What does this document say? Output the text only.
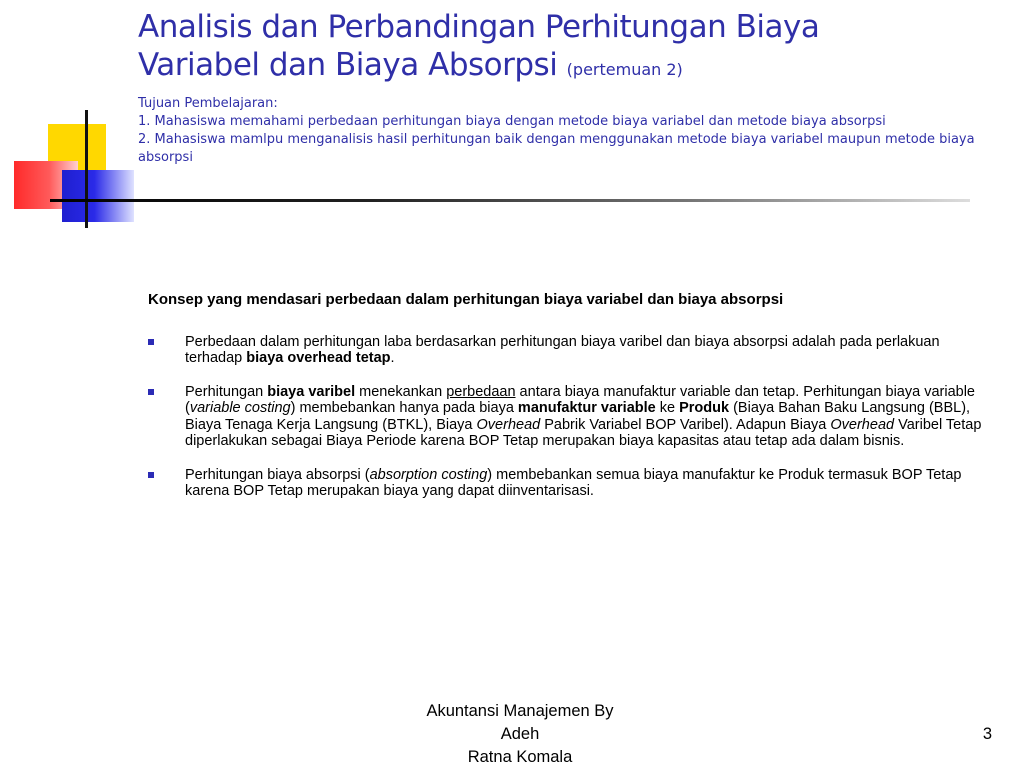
Analisis dan Perbandingan Perhitungan Biaya
Variabel dan Biaya Absorpsi (pertemuan 2)
Tujuan Pembelajaran:
1. Mahasiswa memahami perbedaan perhitungan biaya dengan metode biaya variabel dan metode biaya absorpsi
2. Mahasiswa mamlpu menganalisis hasil perhitungan baik dengan menggunakan metode biaya variabel maupun metode biaya absorpsi
Konsep yang mendasari perbedaan dalam perhitungan biaya variabel dan biaya absorpsi
Perbedaan dalam perhitungan laba berdasarkan perhitungan biaya varibel dan biaya absorpsi adalah pada perlakuan terhadap biaya overhead tetap.
Perhitungan biaya varibel menekankan perbedaan antara biaya manufaktur variable dan tetap. Perhitungan biaya variable (variable costing) membebankan hanya pada biaya manufaktur variable ke Produk (Biaya Bahan Baku Langsung (BBL), Biaya Tenaga Kerja Langsung (BTKL), Biaya Overhead Pabrik Variabel BOP Varibel). Adapun Biaya Overhead Varibel Tetap diperlakukan sebagai Biaya Periode karena BOP Tetap merupakan biaya kapasitas atau tetap ada dalam bisnis.
Perhitungan biaya absorpsi (absorption costing) membebankan semua biaya manufaktur ke Produk termasuk BOP Tetap karena BOP Tetap merupakan biaya yang dapat diinventarisasi.
Akuntansi Manajemen By Adeh
Ratna Komala
3
